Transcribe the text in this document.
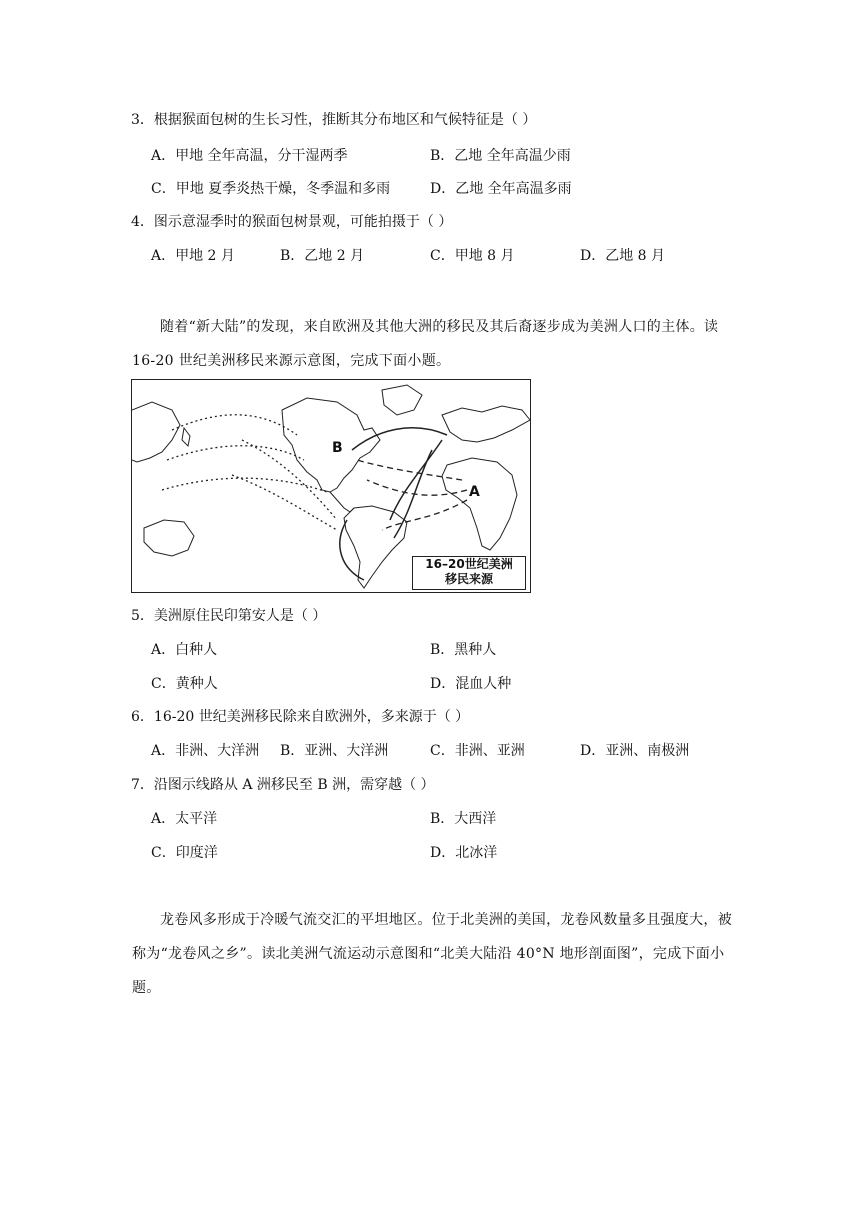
3．根据猴面包树的生长习性，推断其分布地区和气候特征是（ ）
A．甲地 全年高温，分干湿两季	B．乙地 全年高温少雨
C．甲地 夏季炎热干燥，冬季温和多雨	D．乙地 全年高温多雨
4．图示意湿季时的猴面包树景观，可能拍摄于（ ）
A．甲地 2 月	B．乙地 2 月	C．甲地 8 月	D．乙地 8 月
随着“新大陆”的发现，来自欧洲及其他大洲的移民及其后裔逐步成为美洲人口的主体。读 16-20 世纪美洲移民来源示意图，完成下面小题。
B
A
16–20世纪美洲
移民来源
5．美洲原住民印第安人是（ ）
A．白种人	B．黑种人
C．黄种人	D．混血人种
6．16-20 世纪美洲移民除来自欧洲外，多来源于（ ）
A．非洲、大洋洲 B．亚洲、大洋洲	C．非洲、亚洲	D．亚洲、南极洲
7．沿图示线路从 A 洲移民至 B 洲，需穿越（ ）
A．太平洋	B．大西洋
C．印度洋	D．北冰洋
龙卷风多形成于冷暖气流交汇的平坦地区。位于北美洲的美国，龙卷风数量多且强度大，被称为“龙卷风之乡”。读北美洲气流运动示意图和“北美大陆沿 40°N 地形剖面图”，完成下面小题。
